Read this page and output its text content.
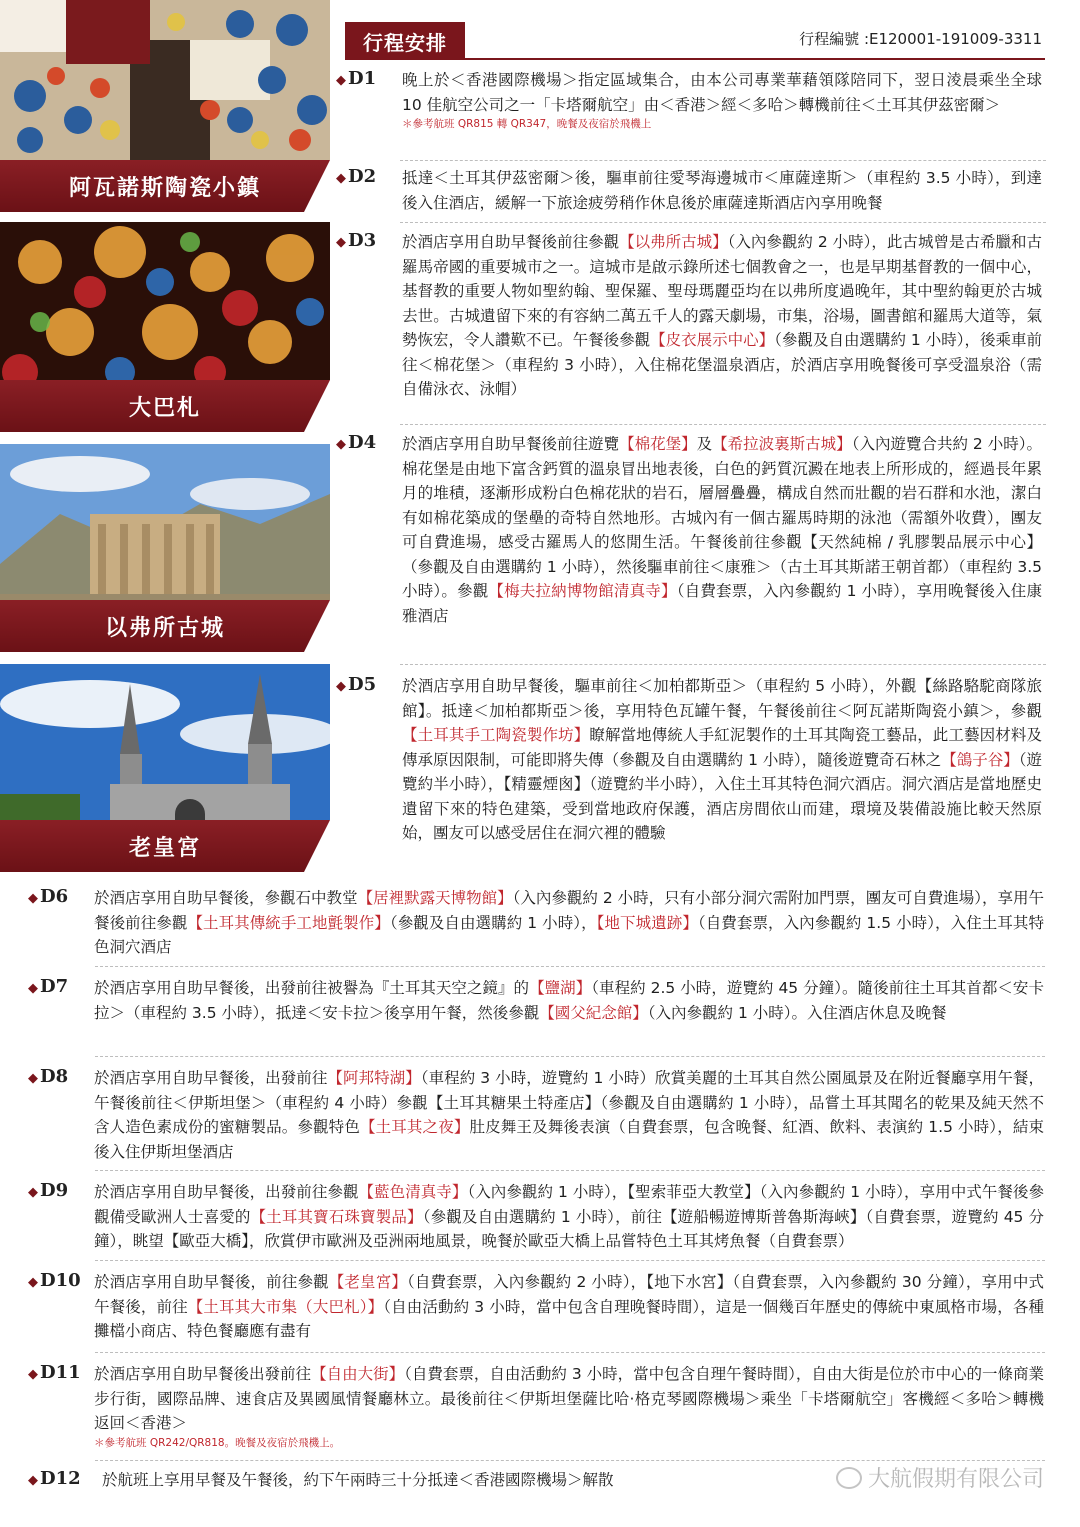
阿瓦諾斯陶瓷小鎮
大巴札
以弗所古城
老皇宮
行程安排	行程編號 :E120001-191009-3311
◆ D1 晚上於＜香港國際機場＞指定區域集合，由本公司專業華藉領隊陪同下，翌日淩晨乘坐全球 10 佳航空公司之一「卡塔爾航空」由＜香港＞經＜多哈＞轉機前往＜土耳其伊茲密爾＞
＊參考航班 QR815 轉 QR347，晚餐及夜宿於飛機上
◆ D2 抵達＜土耳其伊茲密爾＞後，驅車前往愛琴海邊城市＜庫薩達斯＞（車程約 3.5 小時），到達後入住酒店，緩解一下旅途疲勞稍作休息後於庫薩達斯酒店內享用晚餐
◆ D3 於酒店享用自助早餐後前往參觀【以弗所古城】（入內參觀約 2 小時），此古城曾是古希臘和古羅馬帝國的重要城市之一。這城市是啟示錄所述七個教會之一，也是早期基督教的一個中心，基督教的重要人物如聖約翰、聖保羅、聖母瑪麗亞均在以弗所度過晚年，其中聖約翰更於古城去世。古城遺留下來的有容納二萬五千人的露天劇場，市集，浴場，圖書館和羅馬大道等，氣勢恢宏，令人讚歎不已。午餐後參觀【皮衣展示中心】（參觀及自由選購約 1 小時），後乘車前往＜棉花堡＞（車程約 3 小時），入住棉花堡溫泉酒店，於酒店享用晚餐後可享受溫泉浴（需自備泳衣、泳帽）
◆ D4 於酒店享用自助早餐後前往遊覽【棉花堡】及【希拉波裏斯古城】（入內遊覽合共約 2 小時）。棉花堡是由地下富含鈣質的溫泉冒出地表後，白色的鈣質沉澱在地表上所形成的，經過長年累月的堆積，逐漸形成粉白色棉花狀的岩石，層層疊疊，構成自然而壯觀的岩石群和水池，潔白有如棉花築成的堡壘的奇特自然地形。古城內有一個古羅馬時期的泳池（需額外收費），團友可自費進場，感受古羅馬人的悠閒生活。午餐後前往參觀【天然純棉 / 乳膠製品展示中心】（參觀及自由選購約 1 小時），然後驅車前往＜康雅＞（古土耳其斯諾王朝首都）（車程約 3.5 小時）。參觀【梅夫拉納博物館清真寺】（自費套票，入內參觀約 1 小時），享用晚餐後入住康雅酒店
◆ D5 於酒店享用自助早餐後，驅車前往＜加柏都斯亞＞（車程約 5 小時），外觀【絲路駱駝商隊旅館】。抵達＜加柏都斯亞＞後，享用特色瓦罐午餐，午餐後前往＜阿瓦諾斯陶瓷小鎮＞，參觀【土耳其手工陶瓷製作坊】瞭解當地傳統人手紅泥製作的土耳其陶瓷工藝品，此工藝因材料及傳承原因限制，可能即將失傳（參觀及自由選購約 1 小時），隨後遊覽奇石林之【鴿子谷】（遊覽約半小時），【精靈煙囪】（遊覽約半小時），入住土耳其特色洞穴酒店。洞穴酒店是當地歷史遺留下來的特色建築，受到當地政府保護，酒店房間依山而建，環境及裝備設施比較天然原始，團友可以感受居住在洞穴裡的體驗
◆ D6 於酒店享用自助早餐後，參觀石中教堂【居裡默露天博物館】（入內參觀約 2 小時，只有小部分洞穴需附加門票，團友可自費進場），享用午餐後前往參觀【土耳其傳統手工地氈製作】（參觀及自由選購約 1 小時），【地下城遺跡】（自費套票，入內參觀約 1.5 小時），入住土耳其特色洞穴酒店
◆ D7 於酒店享用自助早餐後，出發前往被譽為『土耳其天空之鏡』的【鹽湖】（車程約 2.5 小時，遊覽約 45 分鐘）。隨後前往土耳其首都＜安卡拉＞（車程約 3.5 小時），抵達＜安卡拉＞後享用午餐，然後參觀【國父紀念館】（入內參觀約 1 小時）。入住酒店休息及晚餐
◆ D8 於酒店享用自助早餐後，出發前往【阿邦特湖】（車程約 3 小時，遊覽約 1 小時）欣賞美麗的土耳其自然公園風景及在附近餐廳享用午餐，午餐後前往＜伊斯坦堡＞（車程約 4 小時）參觀【土耳其糖果土特產店】（參觀及自由選購約 1 小時），品嘗土耳其聞名的乾果及純天然不含人造色素成份的蜜糖製品。參觀特色【土耳其之夜】肚皮舞王及舞後表演（自費套票，包含晚餐、紅酒、飲料、表演約 1.5 小時），結束後入住伊斯坦堡酒店
◆ D9 於酒店享用自助早餐後，出發前往參觀【藍色清真寺】（入內參觀約 1 小時），【聖索菲亞大教堂】（入內參觀約 1 小時），享用中式午餐後參觀備受歐洲人士喜愛的【土耳其寶石珠寶製品】（參觀及自由選購約 1 小時），前往【遊船暢遊博斯普魯斯海峽】（自費套票，遊覽約 45 分鐘），眺望【歐亞大橋】，欣賞伊市歐洲及亞洲兩地風景，晚餐於歐亞大橋上品嘗特色土耳其烤魚餐（自費套票）
◆ D10 於酒店享用自助早餐後，前往參觀【老皇宮】（自費套票，入內參觀約 2 小時），【地下水宮】（自費套票，入內參觀約 30 分鐘），享用中式午餐後，前往【土耳其大市集（大巴札）】（自由活動約 3 小時，當中包含自理晚餐時間），這是一個幾百年歷史的傳統中東風格市場，各種攤檔小商店、特色餐廳應有盡有
◆ D11 於酒店享用自助早餐後出發前往【自由大街】（自費套票，自由活動約 3 小時，當中包含自理午餐時間），自由大街是位於市中心的一條商業步行街，國際品牌、速食店及異國風情餐廳林立。最後前往＜伊斯坦堡薩比哈·格克琴國際機場＞乘坐「卡塔爾航空」客機經＜多哈＞轉機返回＜香港＞
＊參考航班 QR242/QR818。晚餐及夜宿於飛機上。
◆ D12 於航班上享用早餐及午餐後，約下午兩時三十分抵達＜香港國際機場＞解散	大航假期有限公司
